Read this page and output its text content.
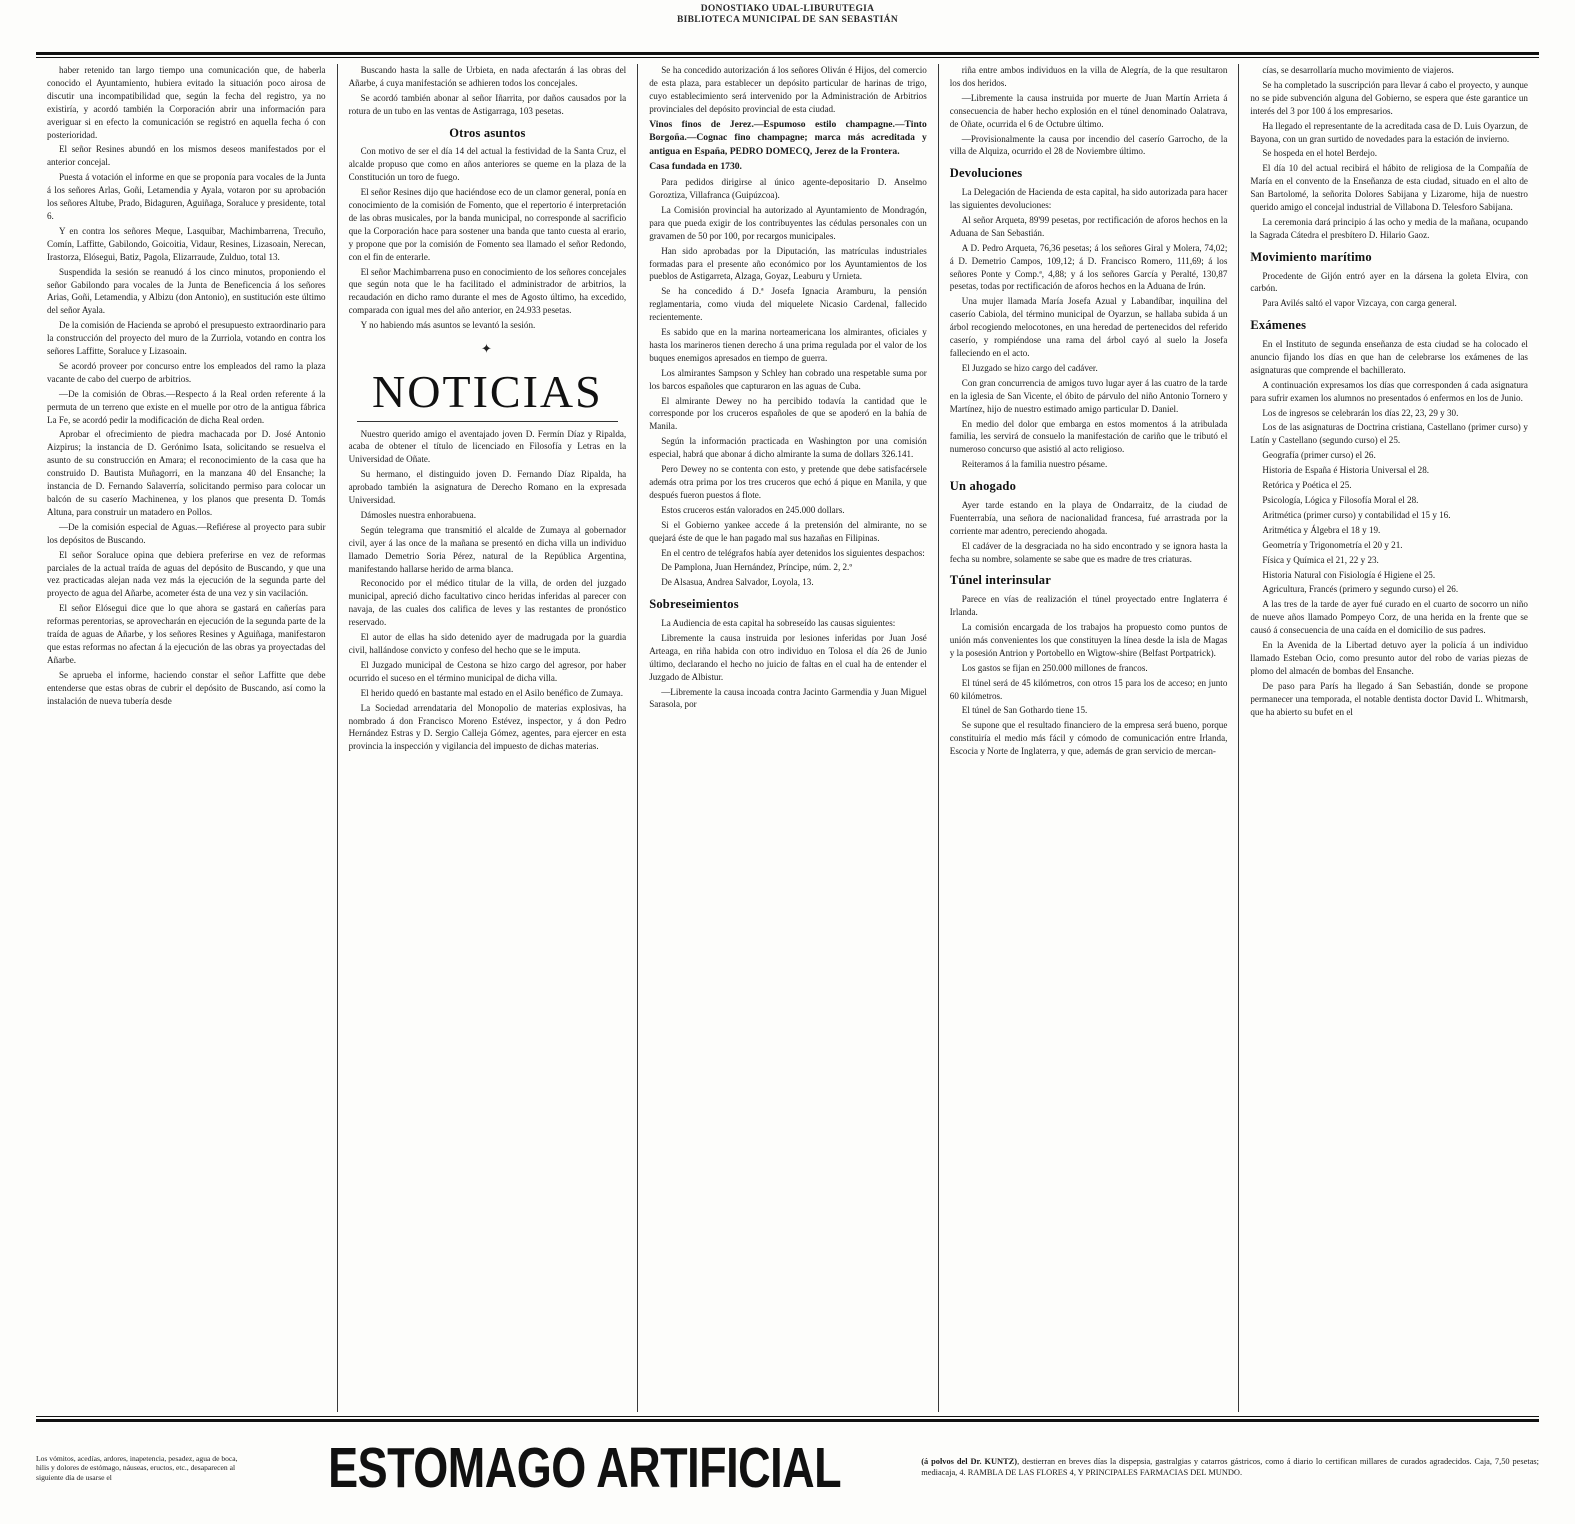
DONOSTIAKO UDAL-LIBURUTEGIA
BIBLIOTECA MUNICIPAL DE SAN SEBASTIÁN

haber retenido tan largo tiempo una comunicación que, de haberla conocido el Ayuntamiento, hubiera evitado la situación poco airosa de discutir una incompatibilidad que, según la fecha del registro, ya no existiría, y acordó también la Corporación abrir una información para averiguar si en efecto la comunicación se registró en aquella fecha ó con posterioridad.

El señor Resines abundó en los mismos deseos manifestados por el anterior concejal.

Puesta á votación el informe en que se proponía para vocales de la Junta á los señores Arlas, Goñi, Letamendia y Ayala, votaron por su aprobación los señores Altube, Prado, Bidaguren, Aguiñaga, Soraluce y presidente, total 6.

Y en contra los señores Meque, Lasquibar, Machimbarrena, Trecuño, Comín, Laffitte, Gabilondo, Goicoitia, Vidaur, Resines, Lizasoain, Nerecan, Irastorza, Elósegui, Batiz, Pagola, Elizarraude, Zulduo, total 13.

Suspendida la sesión se reanudó á los cinco minutos, proponiendo el señor Gabilondo para vocales de la Junta de Beneficencia á los señores Arias, Goñi, Letamendia, y Albizu (don Antonio), en sustitución este último del señor Ayala.

De la comisión de Hacienda se aprobó el presupuesto extraordinario para la construcción del proyecto del muro de la Zurriola, votando en contra los señores Laffitte, Soraluce y Lizasoain.

Se acordó proveer por concurso entre los empleados del ramo la plaza vacante de cabo del cuerpo de arbitrios.

—De la comisión de Obras.—Respecto á la Real orden referente á la permuta de un terreno que existe en el muelle por otro de la antigua fábrica La Fe, se acordó pedir la modificación de dicha Real orden.

Aprobar el ofrecimiento de piedra machacada por D. José Antonio Aizpirus; la instancia de D. Gerónimo Isata, solicitando se resuelva el asunto de su construcción en Amara; el reconocimiento de la casa que ha construido D. Bautista Muñagorri, en la manzana 40 del Ensanche; la instancia de D. Fernando Salaverría, solicitando permiso para colocar un balcón de su caserío Machinenea, y los planos que presenta D. Tomás Altuna, para construir un matadero en Pollos.

—De la comisión especial de Aguas.—Refiérese al proyecto para subir los depósitos de Buscando.

El señor Soraluce opina que debiera preferirse en vez de reformas parciales de la actual traída de aguas del depósito de Buscando, y que una vez practicadas alejan nada vez más la ejecución de la segunda parte del proyecto de agua del Añarbe, acometer ésta de una vez y sin vacilación.

El señor Elósegui dice que lo que ahora se gastará en cañerías para reformas perentorias, se aprovecharán en ejecución de la segunda parte de la traída de aguas de Añarbe, y los señores Resines y Aguiñaga, manifestaron que estas reformas no afectan á la ejecución de las obras ya proyectadas del Añarbe.

Se aprueba el informe, haciendo constar el señor Laffitte que debe entenderse que estas obras de cubrir el depósito de Buscando, así como la instalación de nueva tubería desde

Buscando hasta la salle de Urbieta, en nada afectarán á las obras del Añarbe, á cuya manifestación se adhieren todos los concejales.

Se acordó también abonar al señor Iñarrita, por daños causados por la rotura de un tubo en las ventas de Astigarraga, 103 pesetas.

Otros asuntos

Con motivo de ser el día 14 del actual la festividad de la Santa Cruz, el alcalde propuso que como en años anteriores se queme en la plaza de la Constitución un toro de fuego.

El señor Resines dijo que haciéndose eco de un clamor general, ponía en conocimiento de la comisión de Fomento, que el repertorio é interpretación de las obras musicales, por la banda municipal, no corresponde al sacrificio que la Corporación hace para sostener una banda que tanto cuesta al erario, y propone que por la comisión de Fomento sea llamado el señor Redondo, con el fin de enterarle.

El señor Machimbarrena puso en conocimiento de los señores concejales que según nota que le ha facilitado el administrador de arbitrios, la recaudación en dicho ramo durante el mes de Agosto último, ha excedido, comparada con igual mes del año anterior, en 24.933 pesetas.

Y no habiendo más asuntos se levantó la sesión.

✦
NOTICIAS

Nuestro querido amigo el aventajado joven D. Fermín Díaz y Ripalda, acaba de obtener el título de licenciado en Filosofía y Letras en la Universidad de Oñate.

Su hermano, el distinguido joven D. Fernando Díaz Ripalda, ha aprobado también la asignatura de Derecho Romano en la expresada Universidad.

Dámosles nuestra enhorabuena.

Según telegrama que transmitió el alcalde de Zumaya al gobernador civil, ayer á las once de la mañana se presentó en dicha villa un individuo llamado Demetrio Soria Pérez, natural de la República Argentina, manifestando hallarse herido de arma blanca.

Reconocido por el médico titular de la villa, de orden del juzgado municipal, apreció dicho facultativo cinco heridas inferidas al parecer con navaja, de las cuales dos califica de leves y las restantes de pronóstico reservado.

El autor de ellas ha sido detenido ayer de madrugada por la guardia civil, hallándose convicto y confeso del hecho que se le imputa.

El Juzgado municipal de Cestona se hizo cargo del agresor, por haber ocurrido el suceso en el término municipal de dicha villa.

El herido quedó en bastante mal estado en el Asilo benéfico de Zumaya.

La Sociedad arrendataria del Monopolio de materias explosivas, ha nombrado á don Francisco Moreno Estévez, inspector, y á don Pedro Hernández Estras y D. Sergio Calleja Gómez, agentes, para ejercer en esta provincia la inspección y vigilancia del impuesto de dichas materias.

Se ha concedido autorización á los señores Oliván é Hijos, del comercio de esta plaza, para establecer un depósito particular de harinas de trigo, cuyo establecimiento será intervenido por la Administración de Arbitrios provinciales del depósito provincial de esta ciudad.

Vinos finos de Jerez.—Espumoso estilo champagne.—Tinto Borgoña.—Cognac fino champagne; marca más acreditada y antigua en España, PEDRO DOMECQ, Jerez de la Frontera.

Casa fundada en 1730.

Para pedidos dirigirse al único agente-depositario D. Anselmo Goroztiza, Villafranca (Guipúzcoa).

La Comisión provincial ha autorizado al Ayuntamiento de Mondragón, para que pueda exigir de los contribuyentes las cédulas personales con un gravamen de 50 por 100, por recargos municipales.

Han sido aprobadas por la Diputación, las matrículas industriales formadas para el presente año económico por los Ayuntamientos de los pueblos de Astigarreta, Alzaga, Goyaz, Leaburu y Urnieta.

Se ha concedido á D.ª Josefa Ignacia Aramburu, la pensión reglamentaria, como viuda del miquelete Nicasio Cardenal, fallecido recientemente.

Es sabido que en la marina norteamericana los almirantes, oficiales y hasta los marineros tienen derecho á una prima regulada por el valor de los buques enemigos apresados en tiempo de guerra.

Los almirantes Sampson y Schley han cobrado una respetable suma por los barcos españoles que capturaron en las aguas de Cuba.

El almirante Dewey no ha percibido todavía la cantidad que le corresponde por los cruceros españoles de que se apoderó en la bahía de Manila.

Según la información practicada en Washington por una comisión especial, habrá que abonar á dicho almirante la suma de dollars 326.141.

Pero Dewey no se contenta con esto, y pretende que debe satisfacérsele además otra prima por los tres cruceros que echó á pique en Manila, y que después fueron puestos á flote.

Estos cruceros están valorados en 245.000 dollars.

Si el Gobierno yankee accede á la pretensión del almirante, no se quejará éste de que le han pagado mal sus hazañas en Filipinas.

En el centro de telégrafos había ayer detenidos los siguientes despachos:

De Pamplona, Juan Hernández, Príncipe, núm. 2, 2.º

De Alsasua, Andrea Salvador, Loyola, 13.

Sobreseimientos

La Audiencia de esta capital ha sobreseído las causas siguientes:

Libremente la causa instruida por lesiones inferidas por Juan José Arteaga, en riña habida con otro individuo en Tolosa el día 26 de Junio último, declarando el hecho no juicio de faltas en el cual ha de entender el Juzgado de Albistur.

—Libremente la causa incoada contra Jacinto Garmendia y Juan Miguel Sarasola, por

riña entre ambos individuos en la villa de Alegría, de la que resultaron los dos heridos.

—Libremente la causa instruida por muerte de Juan Martín Arrieta á consecuencia de haber hecho explosión en el túnel denominado Oalatrava, de Oñate, ocurrida el 6 de Octubre último.

—Provisionalmente la causa por incendio del caserío Garrocho, de la villa de Alquiza, ocurrido el 28 de Noviembre último.

Devoluciones

La Delegación de Hacienda de esta capital, ha sido autorizada para hacer las siguientes devoluciones:

Al señor Arqueta, 89'99 pesetas, por rectificación de aforos hechos en la Aduana de San Sebastián.

A D. Pedro Arqueta, 76,36 pesetas; á los señores Giral y Molera, 74,02; á D. Demetrio Campos, 109,12; á D. Francisco Romero, 111,69; á los señores Ponte y Comp.ª, 4,88; y á los señores García y Peralté, 130,87 pesetas, todas por rectificación de aforos hechos en la Aduana de Irún.

Una mujer llamada María Josefa Azual y Labandíbar, inquilina del caserío Cabiola, del término municipal de Oyarzun, se hallaba subida á un árbol recogiendo melocotones, en una heredad de pertenecidos del referido caserío, y rompiéndose una rama del árbol cayó al suelo la Josefa falleciendo en el acto.

El Juzgado se hizo cargo del cadáver.

Con gran concurrencia de amigos tuvo lugar ayer á las cuatro de la tarde en la iglesia de San Vicente, el óbito de párvulo del niño Antonio Tornero y Martínez, hijo de nuestro estimado amigo particular D. Daniel.

En medio del dolor que embarga en estos momentos á la atribulada familia, les servirá de consuelo la manifestación de cariño que le tributó el numeroso concurso que asistió al acto religioso.

Reiteramos á la familia nuestro pésame.

Un ahogado

Ayer tarde estando en la playa de Ondarraitz, de la ciudad de Fuenterrabía, una señora de nacionalidad francesa, fué arrastrada por la corriente mar adentro, pereciendo ahogada.

El cadáver de la desgraciada no ha sido encontrado y se ignora hasta la fecha su nombre, solamente se sabe que es madre de tres criaturas.

Túnel interinsular

Parece en vías de realización el túnel proyectado entre Inglaterra é Irlanda.

La comisión encargada de los trabajos ha propuesto como puntos de unión más convenientes los que constituyen la línea desde la isla de Magas y la posesión Antrion y Portobello en Wigtow-shire (Belfast Portpatrick).

Los gastos se fijan en 250.000 millones de francos.

El túnel será de 45 kilómetros, con otros 15 para los de acceso; en junto 60 kilómetros.

El túnel de San Gothardo tiene 15.

Se supone que el resultado financiero de la empresa será bueno, porque constituiría el medio más fácil y cómodo de comunicación entre Irlanda, Escocia y Norte de Inglaterra, y que, además de gran servicio de mercan-

cías, se desarrollaría mucho movimiento de viajeros.

Se ha completado la suscripción para llevar á cabo el proyecto, y aunque no se pide subvención alguna del Gobierno, se espera que éste garantice un interés del 3 por 100 á los empresarios.

Ha llegado el representante de la acreditada casa de D. Luis Oyarzun, de Bayona, con un gran surtido de novedades para la estación de invierno.

Se hospeda en el hotel Berdejo.

El día 10 del actual recibirá el hábito de religiosa de la Compañía de María en el convento de la Enseñanza de esta ciudad, situado en el alto de San Bartolomé, la señorita Dolores Sabijana y Lizarome, hija de nuestro querido amigo el concejal industrial de Villabona D. Telesforo Sabijana.

La ceremonia dará principio á las ocho y media de la mañana, ocupando la Sagrada Cátedra el presbítero D. Hilario Gaoz.

Movimiento marítimo

Procedente de Gijón entró ayer en la dársena la goleta Elvira, con carbón.

Para Avilés saltó el vapor Vizcaya, con carga general.

Exámenes

En el Instituto de segunda enseñanza de esta ciudad se ha colocado el anuncio fijando los días en que han de celebrarse los exámenes de las asignaturas que comprende el bachillerato.

A continuación expresamos los días que corresponden á cada asignatura para sufrir examen los alumnos no presentados ó enfermos en los de Junio.

Los de ingresos se celebrarán los días 22, 23, 29 y 30.

Los de las asignaturas de Doctrina cristiana, Castellano (primer curso) y Latín y Castellano (segundo curso) el 25.

Geografía (primer curso) el 26.

Historia de España é Historia Universal el 28.

Retórica y Poética el 25.

Psicología, Lógica y Filosofía Moral el 28.

Aritmética (primer curso) y contabilidad el 15 y 16.

Aritmética y Álgebra el 18 y 19.

Geometría y Trigonometría el 20 y 21.

Física y Química el 21, 22 y 23.

Historia Natural con Fisiología é Higiene el 25.

Agricultura, Francés (primero y segundo curso) el 26.

A las tres de la tarde de ayer fué curado en el cuarto de socorro un niño de nueve años llamado Pompeyo Corz, de una herida en la frente que se causó á consecuencia de una caída en el domicilio de sus padres.

En la Avenida de la Libertad detuvo ayer la policía á un individuo llamado Esteban Ocio, como presunto autor del robo de varias piezas de plomo del almacén de bombas del Ensanche.

De paso para París ha llegado á San Sebastián, donde se propone permanecer una temporada, el notable dentista doctor David L. Whitmarsh, que ha abierto su bufet en el

Los vómitos, acedías, ardores, inapetencia, pesadez, agua de boca, hilis y dolores de estómago, náuseas, eructos, etc., desaparecen al siguiente día de usarse el	ESTOMAGO ARTIFICIAL	(á polvos del Dr. KUNTZ), destierran en breves días la dispepsia, gastralgias y catarros gástricos, como á diario lo certifican millares de curados agradecidos. Caja, 7,50 pesetas; mediacaja, 4. RAMBLA DE LAS FLORES 4, Y PRINCIPALES FARMACIAS DEL MUNDO.
